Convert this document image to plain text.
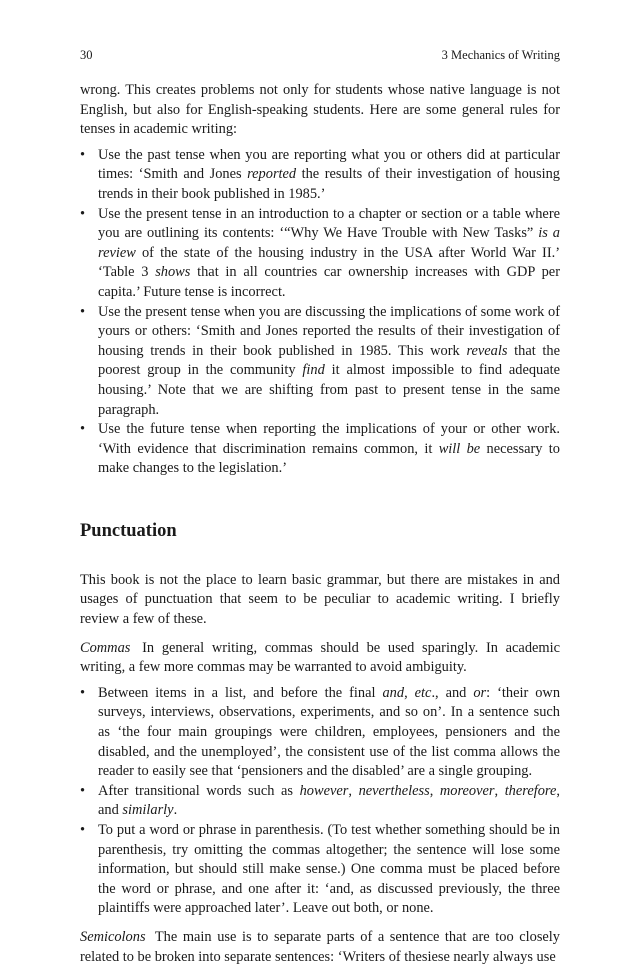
30	3 Mechanics of Writing

wrong. This creates problems not only for students whose native language is not English, but also for English-speaking students. Here are some general rules for tenses in academic writing:

• Use the past tense when you are reporting what you or others did at particular times: ‘Smith and Jones reported the results of their investigation of housing trends in their book published in 1985.’
• Use the present tense in an introduction to a chapter or section or a table where you are outlining its contents: ‘“Why We Have Trouble with New Tasks” is a review of the state of the housing industry in the USA after World War II.’ ‘Table 3 shows that in all countries car ownership increases with GDP per capita.’ Future tense is incorrect.
• Use the present tense when you are discussing the implications of some work of yours or others: ‘Smith and Jones reported the results of their investigation of housing trends in their book published in 1985. This work reveals that the poorest group in the community find it almost impossible to find adequate housing.’ Note that we are shifting from past to present tense in the same paragraph.
• Use the future tense when reporting the implications of your or other work. ‘With evidence that discrimination remains common, it will be necessary to make changes to the legislation.’
Punctuation

This book is not the place to learn basic grammar, but there are mistakes in and usages of punctuation that seem to be peculiar to academic writing. I briefly review a few of these.

Commas In general writing, commas should be used sparingly. In academic writing, a few more commas may be warranted to avoid ambiguity.

• Between items in a list, and before the final and, etc., and or: ‘their own surveys, interviews, observations, experiments, and so on’. In a sentence such as ‘the four main groupings were children, employees, pensioners and the disabled, and the unemployed’, the consistent use of the list comma allows the reader to easily see that ‘pensioners and the disabled’ are a single grouping.
• After transitional words such as however, nevertheless, moreover, therefore, and similarly.
• To put a word or phrase in parenthesis. (To test whether something should be in parenthesis, try omitting the commas altogether; the sentence will lose some information, but should still make sense.) One comma must be placed before the word or phrase, and one after it: ‘and, as discussed previously, the three plaintiffs were approached later’. Leave out both, or none.

Semicolons The main use is to separate parts of a sentence that are too closely related to be broken into separate sentences: ‘Writers of thesiese nearly always use
